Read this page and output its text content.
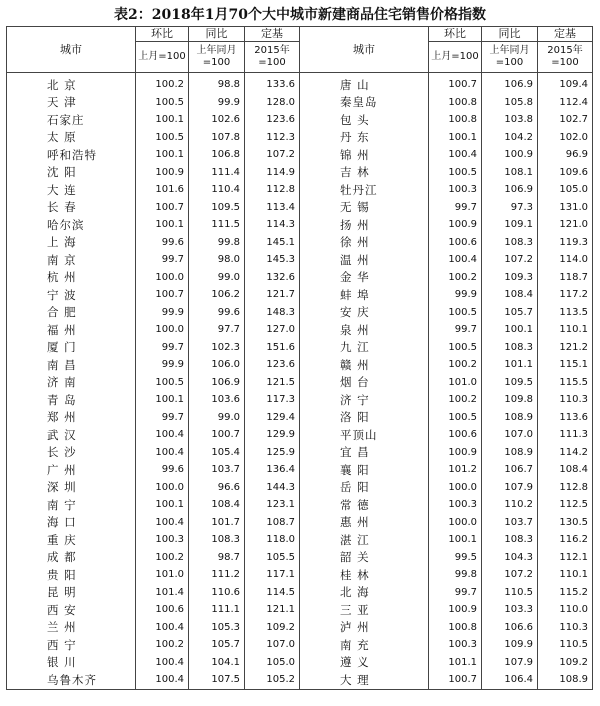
表2：2018年1月70个大中城市新建商品住宅销售价格指数
城市	环比	同比	定基	城市	环比	同比	定基
	上月=100	上年同月=100	2015年=100		上月=100	上年同月=100	2015年=100
北 京	100.2	98.8	133.6	唐 山	100.7	106.9	109.4
天 津	100.5	99.9	128.0	秦皇岛	100.8	105.8	112.4
石家庄	100.1	102.6	123.6	包 头	100.8	103.8	102.7
太 原	100.5	107.8	112.3	丹 东	100.1	104.2	102.0
呼和浩特	100.1	106.8	107.2	锦 州	100.4	100.9	96.9
沈 阳	100.9	111.4	114.9	吉 林	100.5	108.1	109.6
大 连	101.6	110.4	112.8	牡丹江	100.3	106.9	105.0
长 春	100.7	109.5	113.4	无 锡	99.7	97.3	131.0
哈尔滨	100.1	111.5	114.3	扬 州	100.9	109.1	121.0
上 海	99.6	99.8	145.1	徐 州	100.6	108.3	119.3
南 京	99.7	98.0	145.3	温 州	100.4	107.2	114.0
杭 州	100.0	99.0	132.6	金 华	100.2	109.3	118.7
宁 波	100.7	106.2	121.7	蚌 埠	99.9	108.4	117.2
合 肥	99.9	99.6	148.3	安 庆	100.5	105.7	113.5
福 州	100.0	97.7	127.0	泉 州	99.7	100.1	110.1
厦 门	99.7	102.3	151.6	九 江	100.5	108.3	121.2
南 昌	99.9	106.0	123.6	赣 州	100.2	101.1	115.1
济 南	100.5	106.9	121.5	烟 台	101.0	109.5	115.5
青 岛	100.1	103.6	117.3	济 宁	100.2	109.8	110.3
郑 州	99.7	99.0	129.4	洛 阳	100.5	108.9	113.6
武 汉	100.4	100.7	129.9	平顶山	100.6	107.0	111.3
长 沙	100.4	105.4	125.9	宜 昌	100.9	108.9	114.2
广 州	99.6	103.7	136.4	襄 阳	101.2	106.7	108.4
深 圳	100.0	96.6	144.3	岳 阳	100.0	107.9	112.8
南 宁	100.1	108.4	123.1	常 德	100.3	110.2	112.5
海 口	100.4	101.7	108.7	惠 州	100.0	103.7	130.5
重 庆	100.3	108.3	118.0	湛 江	100.1	108.3	116.2
成 都	100.2	98.7	105.5	韶 关	99.5	104.3	112.1
贵 阳	101.0	111.2	117.1	桂 林	99.8	107.2	110.1
昆 明	101.4	110.6	114.5	北 海	99.7	110.5	115.2
西 安	100.6	111.1	121.1	三 亚	100.9	103.3	110.0
兰 州	100.4	105.3	109.2	泸 州	100.8	106.6	110.3
西 宁	100.2	105.7	107.0	南 充	100.3	109.9	110.5
银 川	100.4	104.1	105.0	遵 义	101.1	107.9	109.2
乌鲁木齐	100.4	107.5	105.2	大 理	100.7	106.4	108.9
